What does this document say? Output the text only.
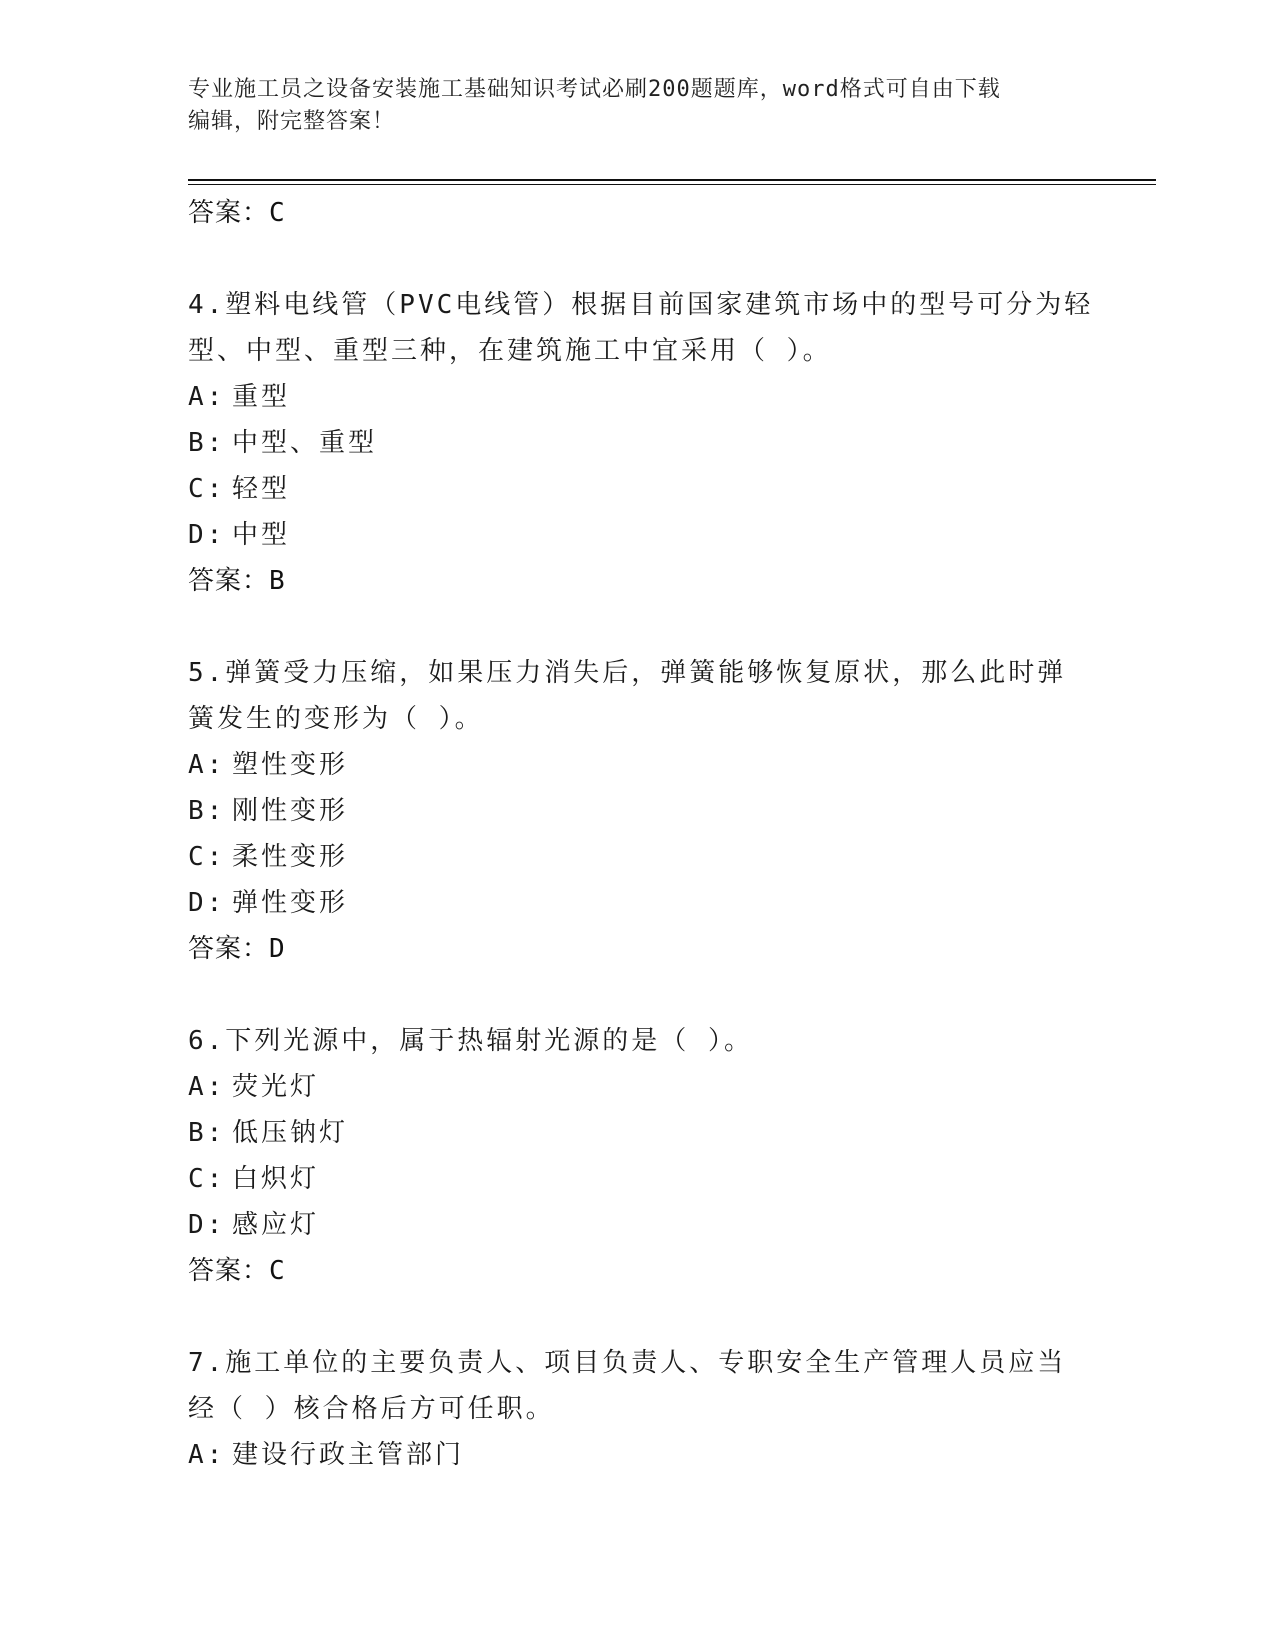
专业施工员之设备安装施工基础知识考试必刷200题题库，word格式可自由下载
编辑，附完整答案！
答案：C
4.塑料电线管（PVC电线管）根据目前国家建筑市场中的型号可分为轻
型、中型、重型三种，在建筑施工中宜采用（ ）。
A: 重型
B: 中型、重型
C: 轻型
D: 中型
答案：B
5.弹簧受力压缩，如果压力消失后，弹簧能够恢复原状，那么此时弹
簧发生的变形为（ ）。
A: 塑性变形
B: 刚性变形
C: 柔性变形
D: 弹性变形
答案：D
6.下列光源中，属于热辐射光源的是（ ）。
A: 荧光灯
B: 低压钠灯
C: 白炽灯
D: 感应灯
答案：C
7.施工单位的主要负责人、项目负责人、专职安全生产管理人员应当
经（ ）核合格后方可任职。
A: 建设行政主管部门
